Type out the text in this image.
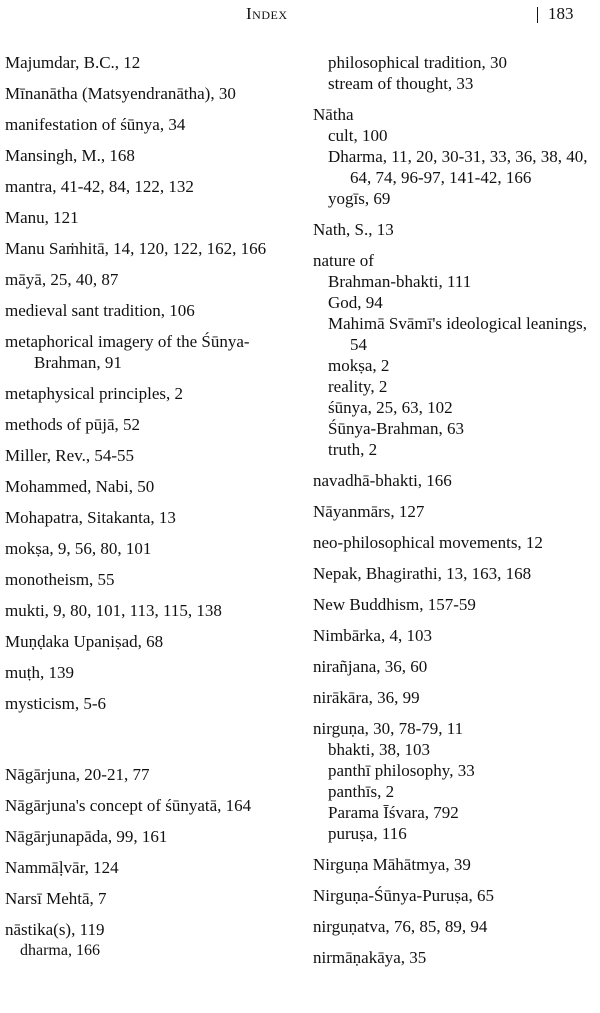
Index	183
Majumdar, B.C., 12
Mīnanātha (Matsyendranātha), 30
manifestation of śūnya, 34
Mansingh, M., 168
mantra, 41-42, 84, 122, 132
Manu, 121
Manu Saṁhitā, 14, 120, 122, 162, 166
māyā, 25, 40, 87
medieval sant tradition, 106
metaphorical imagery of the Śūnya-Brahman, 91
metaphysical principles, 2
methods of pūjā, 52
Miller, Rev., 54-55
Mohammed, Nabi, 50
Mohapatra, Sitakanta, 13
mokṣa, 9, 56, 80, 101
monotheism, 55
mukti, 9, 80, 101, 113, 115, 138
Muṇḍaka Upaniṣad, 68
muṭh, 139
mysticism, 5-6
Nāgārjuna, 20-21, 77
Nāgārjuna's concept of śūnyatā, 164
Nāgārjunapāda, 99, 161
Nammāḷvār, 124
Narsī Mehtā, 7
nāstika(s), 119
dharma, 166
philosophical tradition, 30
stream of thought, 33
Nātha
cult, 100
Dharma, 11, 20, 30-31, 33, 36, 38, 40, 64, 74, 96-97, 141-42, 166
yogīs, 69
Nath, S., 13
nature of
Brahman-bhakti, 111
God, 94
Mahimā Svāmī's ideological leanings, 54
mokṣa, 2
reality, 2
śūnya, 25, 63, 102
Śūnya-Brahman, 63
truth, 2
navadhā-bhakti, 166
Nāyanmārs, 127
neo-philosophical movements, 12
Nepak, Bhagirathi, 13, 163, 168
New Buddhism, 157-59
Nimbārka, 4, 103
nirañjana, 36, 60
nirākāra, 36, 99
nirguṇa, 30, 78-79, 11
bhakti, 38, 103
panthī philosophy, 33
panthīs, 2
Parama Īśvara, 792
puruṣa, 116
Nirguṇa Māhātmya, 39
Nirguṇa-Śūnya-Puruṣa, 65
nirguṇatva, 76, 85, 89, 94
nirmāṇakāya, 35
